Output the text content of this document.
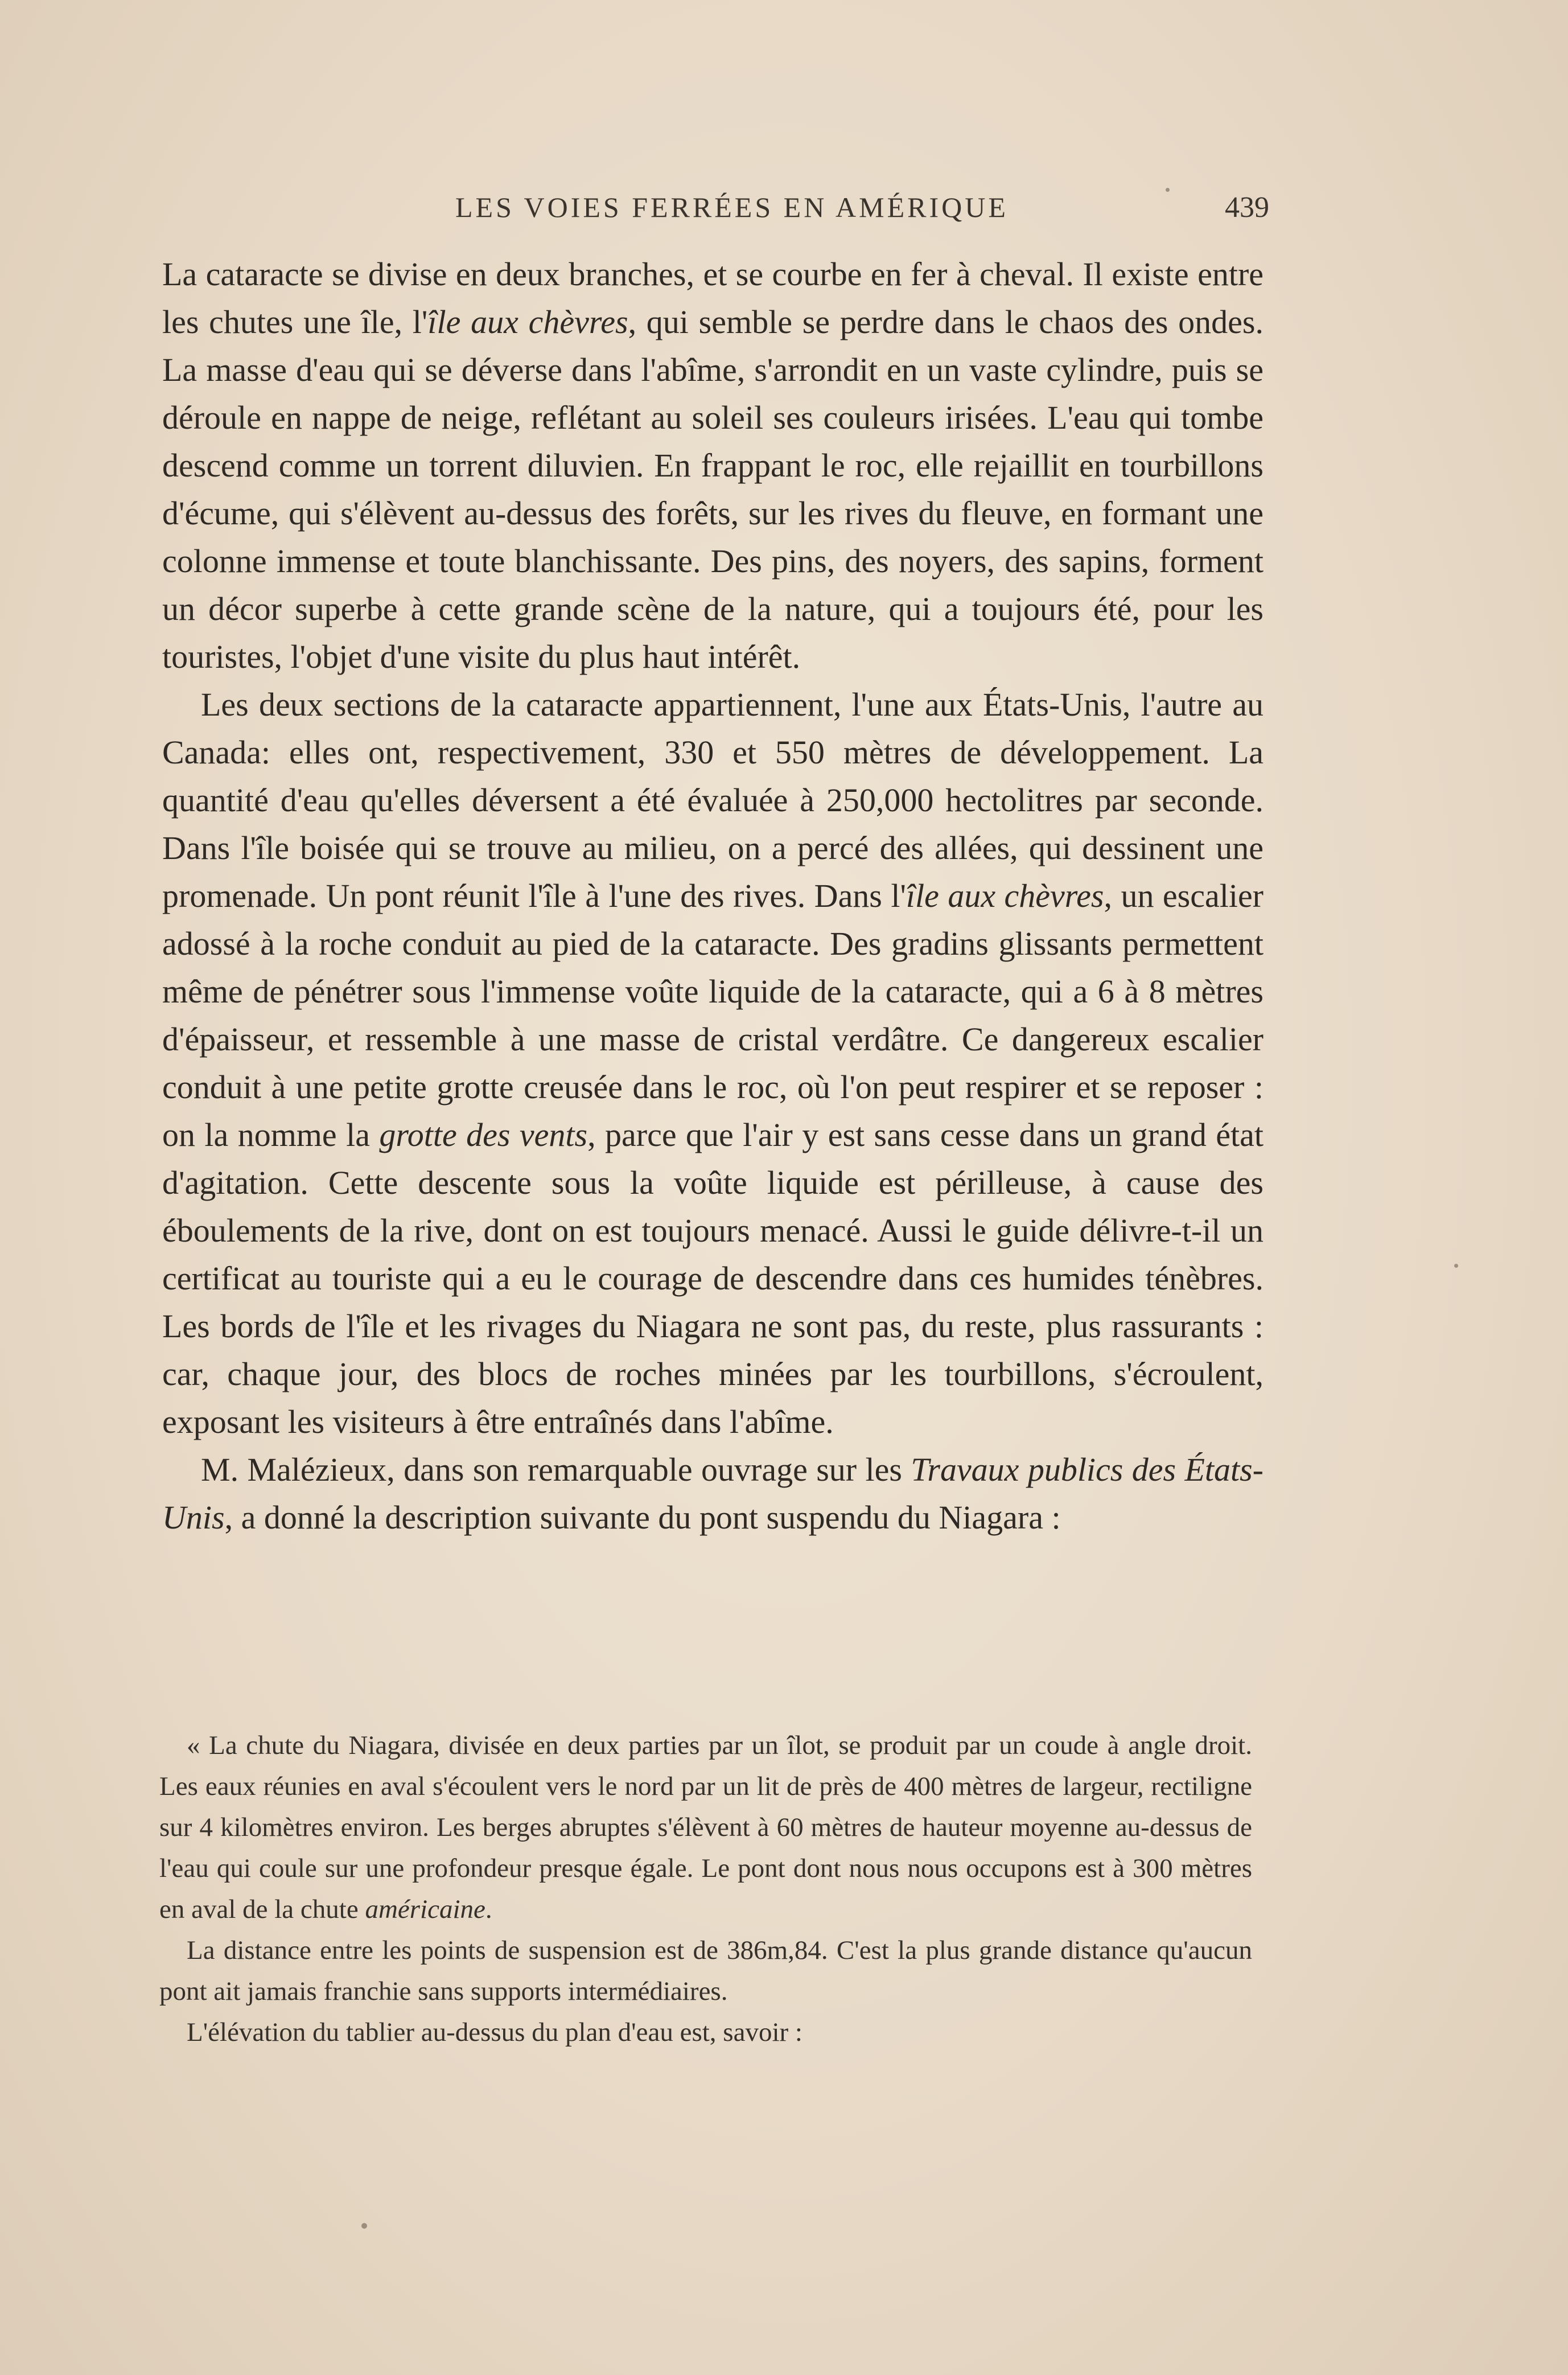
LES VOIES FERRÉES EN AMÉRIQUE	439

La cataracte se divise en deux branches, et se courbe en fer à cheval. Il existe entre les chutes une île, l'île aux chèvres, qui semble se perdre dans le chaos des ondes. La masse d'eau qui se déverse dans l'abîme, s'arrondit en un vaste cylindre, puis se déroule en nappe de neige, reflétant au soleil ses couleurs irisées. L'eau qui tombe descend comme un torrent diluvien. En frappant le roc, elle rejaillit en tourbillons d'écume, qui s'élèvent au-dessus des forêts, sur les rives du fleuve, en formant une colonne immense et toute blanchissante. Des pins, des noyers, des sapins, forment un décor superbe à cette grande scène de la nature, qui a toujours été, pour les touristes, l'objet d'une visite du plus haut intérêt.

Les deux sections de la cataracte appartiennent, l'une aux États-Unis, l'autre au Canada: elles ont, respectivement, 330 et 550 mètres de développement. La quantité d'eau qu'elles déversent a été évaluée à 250,000 hectolitres par seconde. Dans l'île boisée qui se trouve au milieu, on a percé des allées, qui dessinent une promenade. Un pont réunit l'île à l'une des rives. Dans l'île aux chèvres, un escalier adossé à la roche conduit au pied de la cataracte. Des gradins glissants permettent même de pénétrer sous l'immense voûte liquide de la cataracte, qui a 6 à 8 mètres d'épaisseur, et ressemble à une masse de cristal verdâtre. Ce dangereux escalier conduit à une petite grotte creusée dans le roc, où l'on peut respirer et se reposer : on la nomme la grotte des vents, parce que l'air y est sans cesse dans un grand état d'agitation. Cette descente sous la voûte liquide est périlleuse, à cause des éboulements de la rive, dont on est toujours menacé. Aussi le guide délivre-t-il un certificat au touriste qui a eu le courage de descendre dans ces humides ténèbres. Les bords de l'île et les rivages du Niagara ne sont pas, du reste, plus rassurants : car, chaque jour, des blocs de roches minées par les tourbillons, s'écroulent, exposant les visiteurs à être entraînés dans l'abîme.

M. Malézieux, dans son remarquable ouvrage sur les Travaux publics des États-Unis, a donné la description suivante du pont suspendu du Niagara :

« La chute du Niagara, divisée en deux parties par un îlot, se produit par un coude à angle droit. Les eaux réunies en aval s'écoulent vers le nord par un lit de près de 400 mètres de largeur, rectiligne sur 4 kilomètres environ. Les berges abruptes s'élèvent à 60 mètres de hauteur moyenne au-dessus de l'eau qui coule sur une profondeur presque égale. Le pont dont nous nous occupons est à 300 mètres en aval de la chute américaine.

La distance entre les points de suspension est de 386m,84. C'est la plus grande distance qu'aucun pont ait jamais franchie sans supports intermédiaires.

L'élévation du tablier au-dessus du plan d'eau est, savoir :
